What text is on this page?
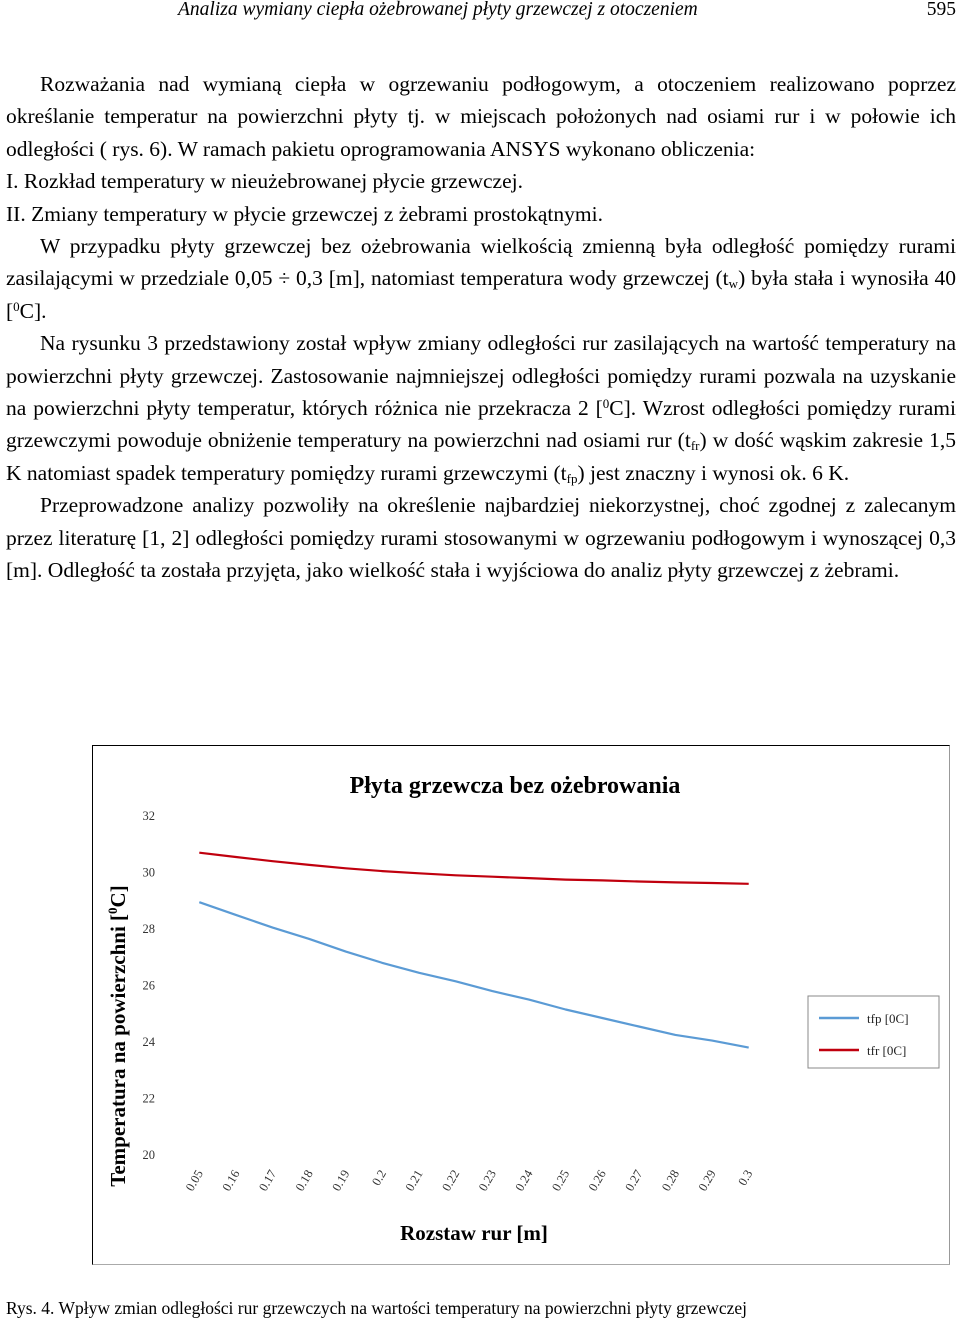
Analiza wymiany ciepła ożebrowanej płyty grzewczej z otoczeniem	595

Rozważania nad wymianą ciepła w ogrzewaniu podłogowym, a otoczeniem realizowano poprzez określanie temperatur na powierzchni płyty tj. w miejscach położonych nad osiami rur i w połowie ich odległości ( rys. 6). W ramach pakietu oprogramowania ANSYS wykonano obliczenia:

I. Rozkład temperatury w nieużebrowanej płycie grzewczej.

II. Zmiany temperatury w płycie grzewczej z żebrami prostokątnymi.

W przypadku płyty grzewczej bez ożebrowania wielkością zmienną była odległość pomiędzy rurami zasilającymi w przedziale 0,05 ÷ 0,3 [m], natomiast temperatura wody grzewczej $(t_w)$ była stała i wynosiła 40 [$^0$C].

Na rysunku 3 przedstawiony został wpływ zmiany odległości rur zasilających na wartość temperatury na powierzchni płyty grzewczej. Zastosowanie najmniejszej odległości pomiędzy rurami pozwala na uzyskanie na powierzchni płyty temperatur, których różnica nie przekracza 2 [$^0$C]. Wzrost odległości pomiędzy rurami grzewczymi powoduje obniżenie temperatury na powierzchni nad osiami rur $(t_{fr})$ w dość wąskim zakresie 1,5 K natomiast spadek temperatury pomiędzy rurami grzewczymi $(t_{fp})$ jest znaczny i wynosi ok. 6 K.

Przeprowadzone analizy pozwoliły na określenie najbardziej niekorzystnej, choć zgodnej z zalecanym przez literaturę [1, 2] odległości pomiędzy rurami stosowanymi w ogrzewaniu podłogowym i wynoszącej 0,3 [m]. Odległość ta została przyjęta, jako wielkość stała i wyjściowa do analiz płyty grzewczej z żebrami.

Płyta grzewcza bez ożebrowania
Temperatura na powierzchni [$^0$C]
Rozstaw rur [m]
20
22
24
26
28
30
32
0.05 0.16 0.17 0.18 0.19 0.2 0.21 0.22 0.23 0.24 0.25 0.26 0.27 0.28 0.29 0.3
tfp [0C]
tfr [0C]
Rys. 4. Wpływ zmian odległości rur grzewczych na wartości temperatury na powierzchni płyty grzewczej
